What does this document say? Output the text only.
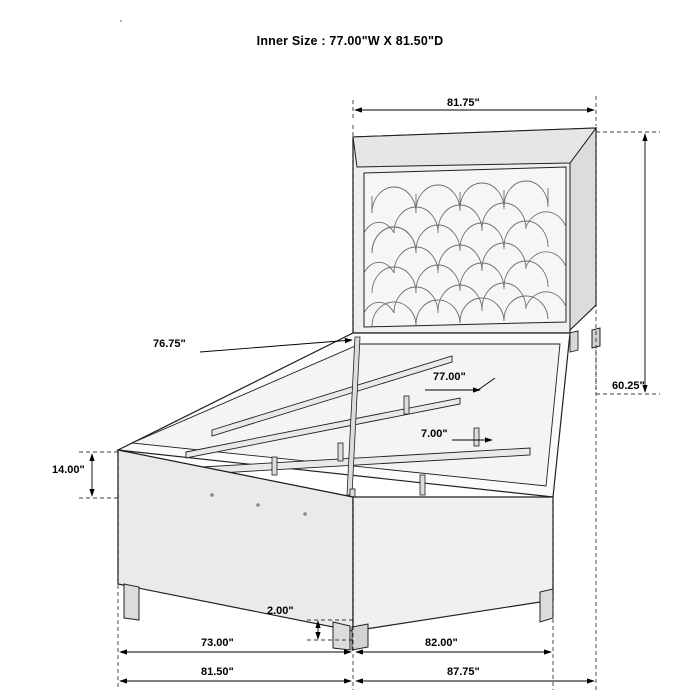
Inner Size : 77.00"W X 81.50"D
81.75"
60.25"
77.00"
76.75"
7.00"
14.00"
2.00"
73.00"	82.00"
81.50"	87.75"
